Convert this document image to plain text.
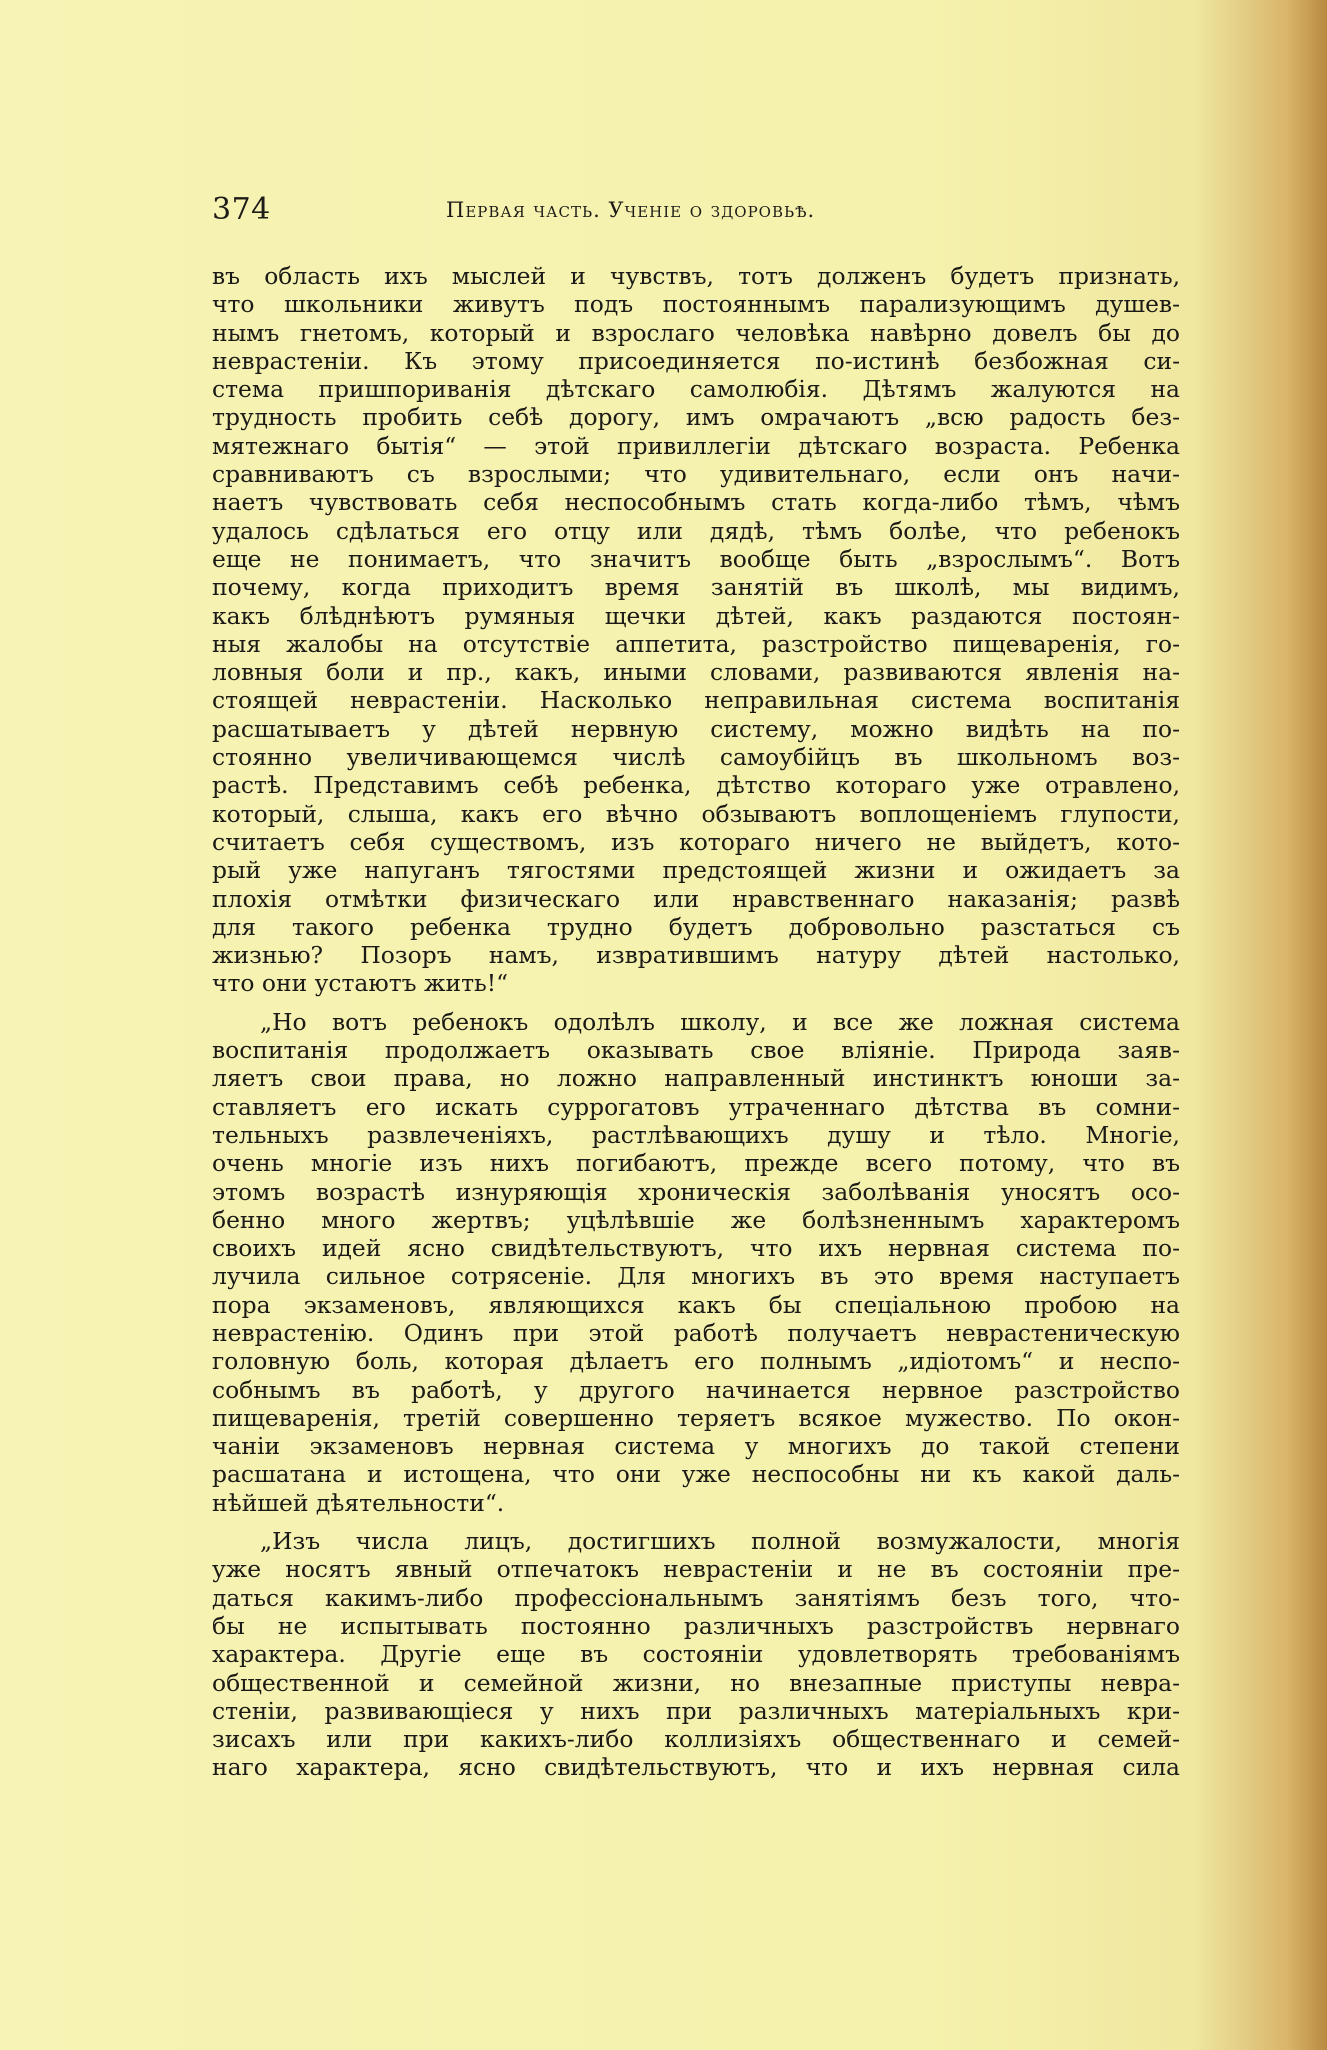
374	Первая часть. Ученіе о здоровьѣ.
въ область ихъ мыслей и чувствъ, тотъ долженъ будетъ признать,
что школьники живутъ подъ постояннымъ парализующимъ душев-
нымъ гнетомъ, который и взрослаго человѣка навѣрно довелъ бы до
неврастеніи. Къ этому присоединяется по-истинѣ безбожная си-
стема пришпориванія дѣтскаго самолюбія. Дѣтямъ жалуются на
трудность пробить себѣ дорогу, имъ омрачаютъ „всю радость без-
мятежнаго бытія“ — этой привиллегіи дѣтскаго возраста. Ребенка
сравниваютъ съ взрослыми; что удивительнаго, если онъ начи-
наетъ чувствовать себя неспособнымъ стать когда-либо тѣмъ, чѣмъ
удалось сдѣлаться его отцу или дядѣ, тѣмъ болѣе, что ребенокъ
еще не понимаетъ, что значитъ вообще быть „взрослымъ“. Вотъ
почему, когда приходитъ время занятій въ школѣ, мы видимъ,
какъ блѣднѣютъ румяныя щечки дѣтей, какъ раздаются постоян-
ныя жалобы на отсутствіе аппетита, разстройство пищеваренія, го-
ловныя боли и пр., какъ, иными словами, развиваются явленія на-
стоящей неврастеніи. Насколько неправильная система воспитанія
расшатываетъ у дѣтей нервную систему, можно видѣть на по-
стоянно увеличивающемся числѣ самоубійцъ въ школьномъ воз-
растѣ. Представимъ себѣ ребенка, дѣтство котораго уже отравлено,
который, слыша, какъ его вѣчно обзываютъ воплощеніемъ глупости,
считаетъ себя существомъ, изъ котораго ничего не выйдетъ, кото-
рый уже напуганъ тягостями предстоящей жизни и ожидаетъ за
плохія отмѣтки физическаго или нравственнаго наказанія; развѣ
для такого ребенка трудно будетъ добровольно разстаться съ
жизнью? Позоръ намъ, извратившимъ натуру дѣтей настолько,
что они устаютъ жить!“
„Но вотъ ребенокъ одолѣлъ школу, и все же ложная система
воспитанія продолжаетъ оказывать свое вліяніе. Природа заяв-
ляетъ свои права, но ложно направленный инстинктъ юноши за-
ставляетъ его искать суррогатовъ утраченнаго дѣтства въ сомни-
тельныхъ развлеченіяхъ, растлѣвающихъ душу и тѣло. Многіе,
очень многіе изъ нихъ погибаютъ, прежде всего потому, что въ
этомъ возрастѣ изнуряющія хроническія заболѣванія уносятъ осо-
бенно много жертвъ; уцѣлѣвшіе же болѣзненнымъ характеромъ
своихъ идей ясно свидѣтельствуютъ, что ихъ нервная система по-
лучила сильное сотрясеніе. Для многихъ въ это время наступаетъ
пора экзаменовъ, являющихся какъ бы спеціальною пробою на
неврастенію. Одинъ при этой работѣ получаетъ неврастеническую
головную боль, которая дѣлаетъ его полнымъ „идіотомъ“ и неспо-
собнымъ въ работѣ, у другого начинается нервное разстройство
пищеваренія, третій совершенно теряетъ всякое мужество. По окон-
чаніи экзаменовъ нервная система у многихъ до такой степени
расшатана и истощена, что они уже неспособны ни къ какой даль-
нѣйшей дѣятельности“.
„Изъ числа лицъ, достигшихъ полной возмужалости, многія
уже носятъ явный отпечатокъ неврастеніи и не въ состояніи пре-
даться какимъ-либо профессіональнымъ занятіямъ безъ того, что-
бы не испытывать постоянно различныхъ разстройствъ нервнаго
характера. Другіе еще въ состояніи удовлетворять требованіямъ
общественной и семейной жизни, но внезапные приступы невра-
стеніи, развивающіеся у нихъ при различныхъ матеріальныхъ кри-
зисахъ или при какихъ-либо коллизіяхъ общественнаго и семей-
наго характера, ясно свидѣтельствуютъ, что и ихъ нервная сила
